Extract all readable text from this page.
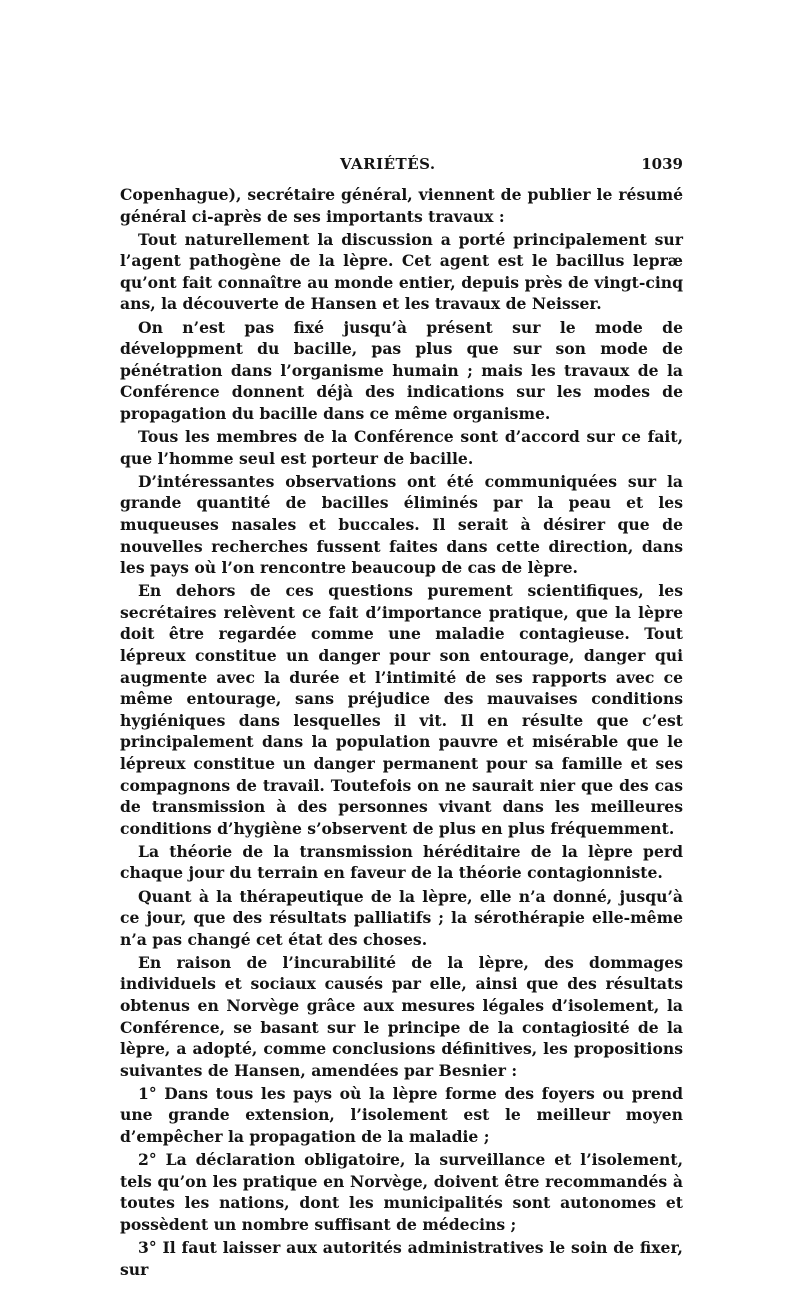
VARIÉTÉS.	1039

Copenhague), secrétaire général, viennent de publier le résumé général ci-après de ses importants travaux :

Tout naturellement la discussion a porté principalement sur l’agent pathogène de la lèpre. Cet agent est le bacillus lepræ qu’ont fait connaître au monde entier, depuis près de vingt-cinq ans, la découverte de Hansen et les travaux de Neisser.

On n’est pas fixé jusqu’à présent sur le mode de développment du bacille, pas plus que sur son mode de pénétration dans l’organisme humain ; mais les travaux de la Conférence donnent déjà des indications sur les modes de propagation du bacille dans ce même organisme.

Tous les membres de la Conférence sont d’accord sur ce fait, que l’homme seul est porteur de bacille.

D’intéressantes observations ont été communiquées sur la grande quantité de bacilles éliminés par la peau et les muqueuses nasales et buccales. Il serait à désirer que de nouvelles recherches fussent faites dans cette direction, dans les pays où l’on rencontre beaucoup de cas de lèpre.

En dehors de ces questions purement scientifiques, les secrétaires relèvent ce fait d’importance pratique, que la lèpre doit être regardée comme une maladie contagieuse. Tout lépreux constitue un danger pour son entourage, danger qui augmente avec la durée et l’intimité de ses rapports avec ce même entourage, sans préjudice des mauvaises conditions hygiéniques dans lesquelles il vit. Il en résulte que c’est principalement dans la population pauvre et misérable que le lépreux constitue un danger permanent pour sa famille et ses compagnons de travail. Toutefois on ne saurait nier que des cas de transmission à des personnes vivant dans les meilleures conditions d’hygiène s’observent de plus en plus fréquemment.

La théorie de la transmission héréditaire de la lèpre perd chaque jour du terrain en faveur de la théorie contagionniste.

Quant à la thérapeutique de la lèpre, elle n’a donné, jusqu’à ce jour, que des résultats palliatifs ; la sérothérapie elle-même n’a pas changé cet état des choses.

En raison de l’incurabilité de la lèpre, des dommages individuels et sociaux causés par elle, ainsi que des résultats obtenus en Norvège grâce aux mesures légales d’isolement, la Conférence, se basant sur le principe de la contagiosité de la lèpre, a adopté, comme conclusions définitives, les propositions suivantes de Hansen, amendées par Besnier :

1° Dans tous les pays où la lèpre forme des foyers ou prend une grande extension, l’isolement est le meilleur moyen d’empêcher la propagation de la maladie ;

2° La déclaration obligatoire, la surveillance et l’isolement, tels qu’on les pratique en Norvège, doivent être recommandés à toutes les nations, dont les municipalités sont autonomes et possèdent un nombre suffisant de médecins ;

3° Il faut laisser aux autorités administratives le soin de fixer, sur
